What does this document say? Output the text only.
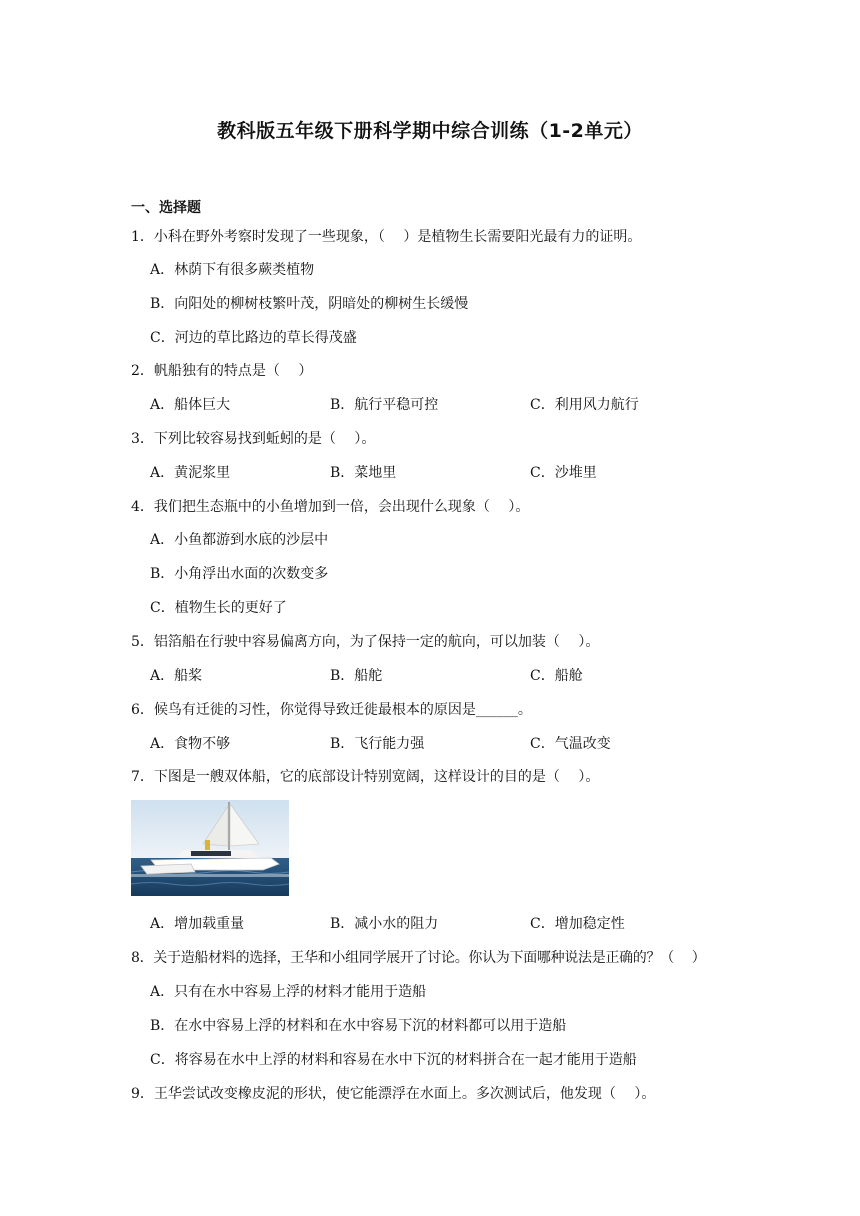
教科版五年级下册科学期中综合训练（1-2单元）
一、选择题
1．小科在野外考察时发现了一些现象，（　 ）是植物生长需要阳光最有力的证明。
A．林荫下有很多蕨类植物
B．向阳处的柳树枝繁叶茂，阴暗处的柳树生长缓慢
C．河边的草比路边的草长得茂盛
2．帆船独有的特点是（　 ）
A．船体巨大	B．航行平稳可控	C．利用风力航行
3．下列比较容易找到蚯蚓的是（　 ）。
A．黄泥浆里	B．菜地里	C．沙堆里
4．我们把生态瓶中的小鱼增加到一倍，会出现什么现象（　 ）。
A．小鱼都游到水底的沙层中
B．小角浮出水面的次数变多
C．植物生长的更好了
5．铝箔船在行驶中容易偏离方向，为了保持一定的航向，可以加装（　 ）。
A．船桨	B．船舵	C．船舱
6．候鸟有迁徙的习性，你觉得导致迁徙最根本的原因是______。
A．食物不够	B．飞行能力强	C．气温改变
7．下图是一艘双体船，它的底部设计特别宽阔，这样设计的目的是（　 ）。
A．增加载重量	B．减小水的阻力	C．增加稳定性
8．关于造船材料的选择，王华和小组同学展开了讨论。你认为下面哪种说法是正确的？（　 ）
A．只有在水中容易上浮的材料才能用于造船
B．在水中容易上浮的材料和在水中容易下沉的材料都可以用于造船
C．将容易在水中上浮的材料和容易在水中下沉的材料拼合在一起才能用于造船
9．王华尝试改变橡皮泥的形状，使它能漂浮在水面上。多次测试后，他发现（　 ）。
